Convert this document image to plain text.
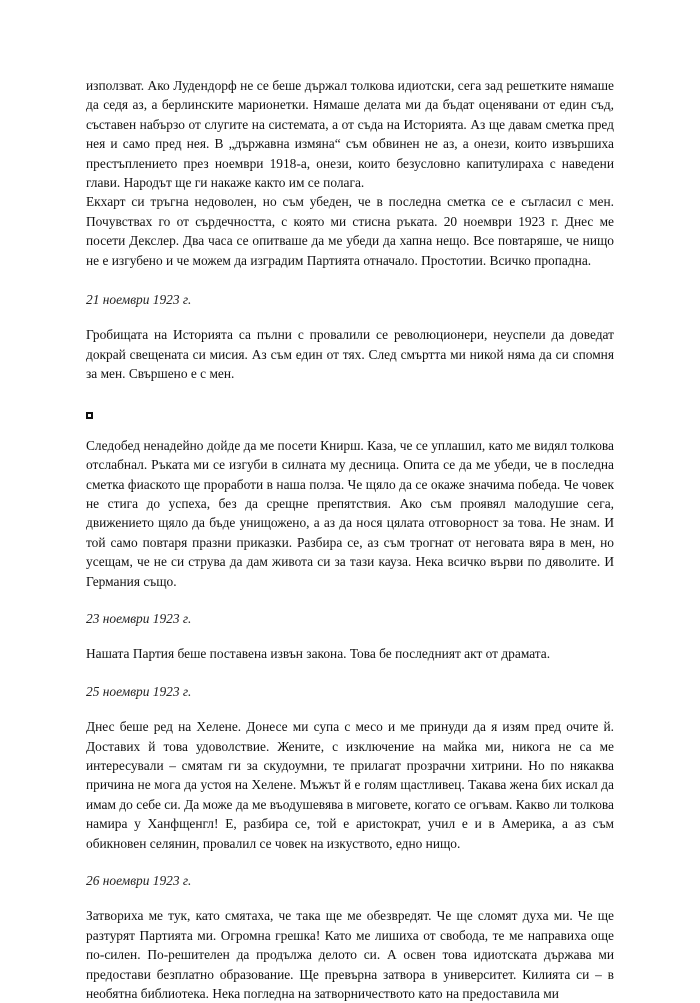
използват. Ако Лудендорф не се беше държал толкова идиотски, сега зад решетките нямаше да седя аз, а берлинските марионетки. Нямаше делата ми да бъдат оценявани от един съд, съставен набързо от слугите на системата, а от съда на Историята. Аз ще давам сметка пред нея и само пред нея. В „държавна измяна“ съм обвинен не аз, а онези, които извършиха престъплението през ноември 1918-а, онези, които безусловно капитулираха с наведени глави. Народът ще ги накаже както им се полага.

Екхарт си тръгна недоволен, но съм убеден, че в последна сметка се е съгласил с мен. Почувствах го от сърдечността, с която ми стисна ръката. 20 ноември 1923 г. Днес ме посети Декслер. Два часа се опитваше да ме убеди да хапна нещо. Все повтаряше, че нищо не е изгубено и че можем да изградим Партията отначало. Простотии. Всичко пропадна.

21 ноември 1923 г.

Гробищата на Историята са пълни с провалили се революционери, неуспели да доведат докрай свещената си мисия. Аз съм един от тях. След смъртта ми никой няма да си спомня за мен. Свършено е с мен.

Следобед ненадейно дойде да ме посети Книрш. Каза, че се уплашил, като ме видял толкова отслабнал. Ръката ми се изгуби в силната му десница. Опита се да ме убеди, че в последна сметка фиаското ще проработи в наша полза. Че щяло да се окаже значима победа. Че човек не стига до успеха, без да срещне препятствия. Ако съм проявял малодушие сега, движението щяло да бъде унищожено, а аз да нося цялата отговорност за това. Не знам. И той само повтаря празни приказки. Разбира се, аз съм трогнат от неговата вяра в мен, но усещам, че не си струва да дам живота си за тази кауза. Нека всичко върви по дяволите. И Германия също.

23 ноември 1923 г.

Нашата Партия беше поставена извън закона. Това бе последният акт от драмата.

25 ноември 1923 г.

Днес беше ред на Хелене. Донесе ми супа с месо и ме принуди да я изям пред очите й. Доставих й това удоволствие. Жените, с изключение на майка ми, никога не са ме интересували – смятам ги за скудоумни, те прилагат прозрачни хитрини. Но по някаква причина не мога да устоя на Хелене. Мъжът й е голям щастливец. Такава жена бих искал да имам до себе си. Да може да ме въодушевява в миговете, когато се огъвам. Какво ли толкова намира у Ханфщенгл! Е, разбира се, той е аристократ, учил е и в Америка, а аз съм обикновен селянин, провалил се човек на изкуството, едно нищо.

26 ноември 1923 г.

Затвориха ме тук, като смятаха, че така ще ме обезвредят. Че ще сломят духа ми. Че ще разтурят Партията ми. Огромна грешка! Като ме лишиха от свобода, те ме направиха още по-силен. По-решителен да продължа делото си. А освен това идиотската държава ми предостави безплатно образование. Ще превърна затвора в университет. Килията си – в необятна библиотека. Нека погледна на затворничеството като на предоставила ми
